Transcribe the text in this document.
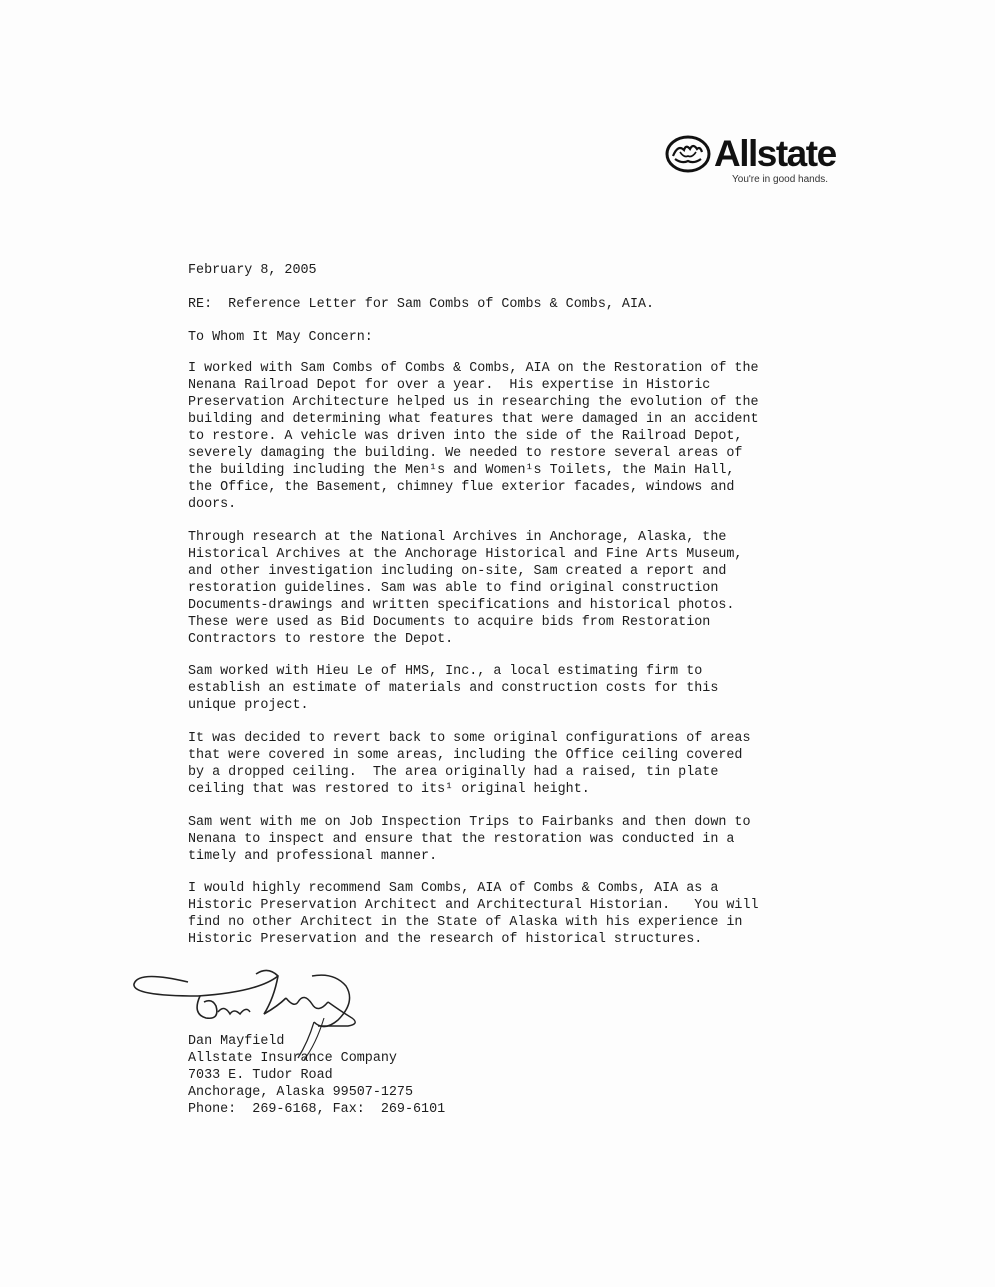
Allstate
You're in good hands.
February 8, 2005
RE:  Reference Letter for Sam Combs of Combs & Combs, AIA.
To Whom It May Concern:
I worked with Sam Combs of Combs & Combs, AIA on the Restoration of the
Nenana Railroad Depot for over a year.  His expertise in Historic
Preservation Architecture helped us in researching the evolution of the
building and determining what features that were damaged in an accident
to restore. A vehicle was driven into the side of the Railroad Depot,
severely damaging the building. We needed to restore several areas of
the building including the Men¹s and Women¹s Toilets, the Main Hall,
the Office, the Basement, chimney flue exterior facades, windows and
doors.
Through research at the National Archives in Anchorage, Alaska, the
Historical Archives at the Anchorage Historical and Fine Arts Museum,
and other investigation including on-site, Sam created a report and
restoration guidelines. Sam was able to find original construction
Documents-drawings and written specifications and historical photos.
These were used as Bid Documents to acquire bids from Restoration
Contractors to restore the Depot.
Sam worked with Hieu Le of HMS, Inc., a local estimating firm to
establish an estimate of materials and construction costs for this
unique project.
It was decided to revert back to some original configurations of areas
that were covered in some areas, including the Office ceiling covered
by a dropped ceiling.  The area originally had a raised, tin plate
ceiling that was restored to its¹ original height.
Sam went with me on Job Inspection Trips to Fairbanks and then down to
Nenana to inspect and ensure that the restoration was conducted in a
timely and professional manner.
I would highly recommend Sam Combs, AIA of Combs & Combs, AIA as a
Historic Preservation Architect and Architectural Historian.   You will
find no other Architect in the State of Alaska with his experience in
Historic Preservation and the research of historical structures.
Dan Mayfield
Allstate Insurance Company
7033 E. Tudor Road
Anchorage, Alaska 99507-1275
Phone:  269-6168, Fax:  269-6101
